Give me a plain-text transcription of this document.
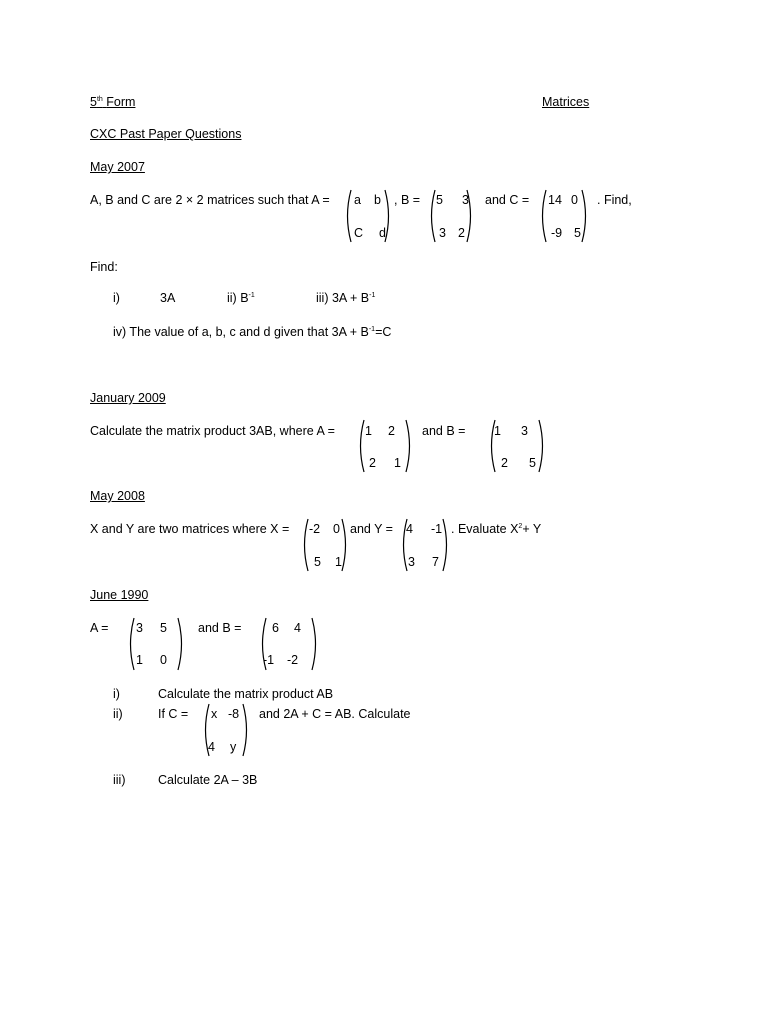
5th Form	Matrices
CXC Past Paper Questions
May 2007
A, B and C are 2 × 2 matrices such that A = a b
C d
, B = 5 3
3 2
and C = 14 0
-9 5
. Find,
Find:
i)	3A	ii) $B^{-1}$	iii) $3A + B^{-1}$
iv) The value of a, b, c and d given that $3A + B^{-1}=C$
January 2009
Calculate the matrix product 3AB, where A = 1 2
2 1
and B = 1 3
2 5
May 2008
X and Y are two matrices where X = -2 0
5 1
and Y = 4 -1
3 7
. Evaluate $X^2+ Y$
June 1990
A = 3 5
1 0
and B = 6 4
-1 -2
i)	Calculate the matrix product AB
ii)	If C = x -8
4 y
and 2A + C = AB. Calculate
iii)	Calculate 2A – 3B
